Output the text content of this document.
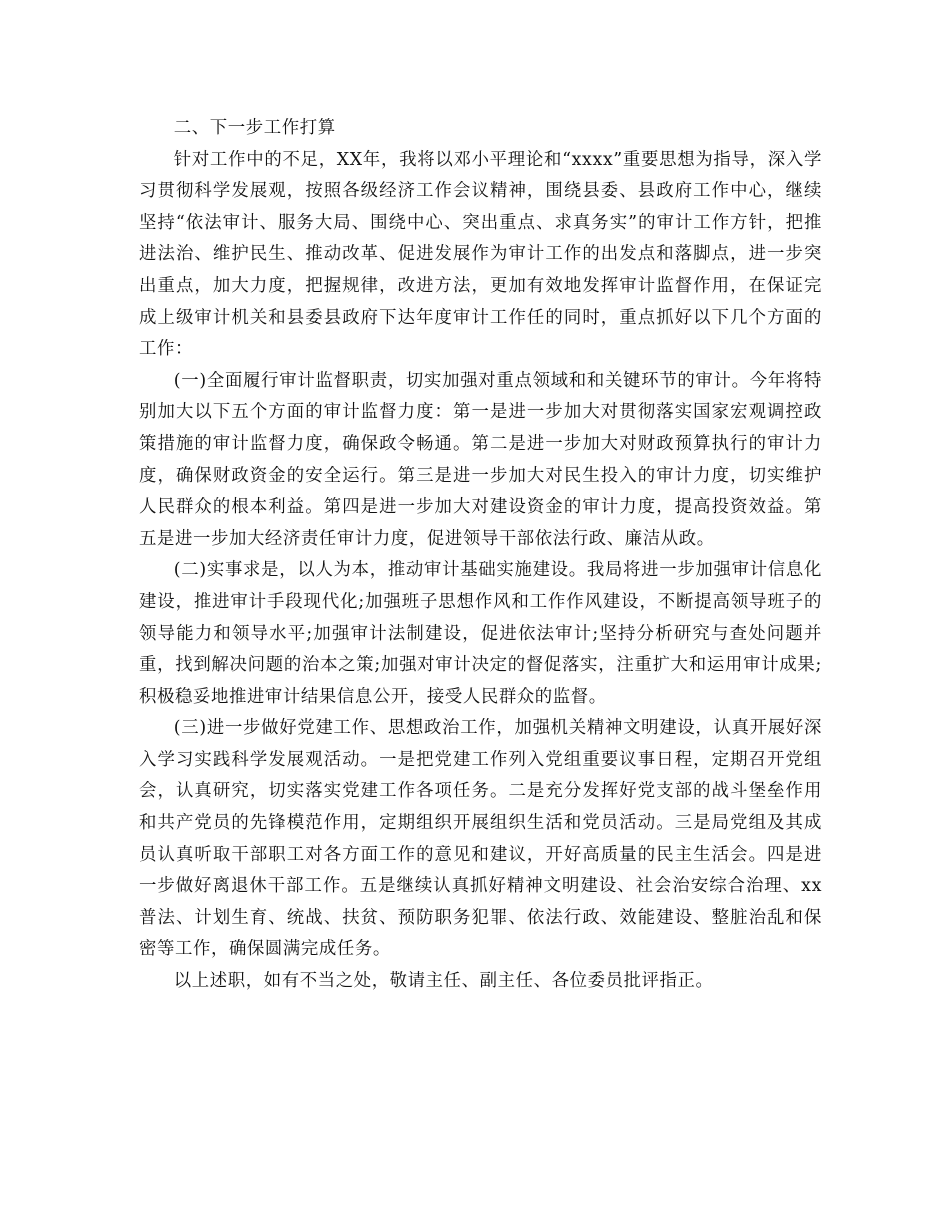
二、下一步工作打算

针对工作中的不足，XX年，我将以邓小平理论和“xxxx”重要思想为指导，深入学习贯彻科学发展观，按照各级经济工作会议精神，围绕县委、县政府工作中心，继续坚持“依法审计、服务大局、围绕中心、突出重点、求真务实”的审计工作方针，把推进法治、维护民生、推动改革、促进发展作为审计工作的出发点和落脚点，进一步突出重点，加大力度，把握规律，改进方法，更加有效地发挥审计监督作用，在保证完成上级审计机关和县委县政府下达年度审计工作任的同时，重点抓好以下几个方面的工作：

(一)全面履行审计监督职责，切实加强对重点领域和和关键环节的审计。今年将特别加大以下五个方面的审计监督力度：第一是进一步加大对贯彻落实国家宏观调控政策措施的审计监督力度，确保政令畅通。第二是进一步加大对财政预算执行的审计力度，确保财政资金的安全运行。第三是进一步加大对民生投入的审计力度，切实维护人民群众的根本利益。第四是进一步加大对建设资金的审计力度，提高投资效益。第五是进一步加大经济责任审计力度，促进领导干部依法行政、廉洁从政。

(二)实事求是，以人为本，推动审计基础实施建设。我局将进一步加强审计信息化建设，推进审计手段现代化;加强班子思想作风和工作作风建设，不断提高领导班子的领导能力和领导水平;加强审计法制建设，促进依法审计;坚持分析研究与查处问题并重，找到解决问题的治本之策;加强对审计决定的督促落实，注重扩大和运用审计成果;积极稳妥地推进审计结果信息公开，接受人民群众的监督。

(三)进一步做好党建工作、思想政治工作，加强机关精神文明建设，认真开展好深入学习实践科学发展观活动。一是把党建工作列入党组重要议事日程，定期召开党组会，认真研究，切实落实党建工作各项任务。二是充分发挥好党支部的战斗堡垒作用和共产党员的先锋模范作用，定期组织开展组织生活和党员活动。三是局党组及其成员认真听取干部职工对各方面工作的意见和建议，开好高质量的民主生活会。四是进一步做好离退休干部工作。五是继续认真抓好精神文明建设、社会治安综合治理、xx普法、计划生育、统战、扶贫、预防职务犯罪、依法行政、效能建设、整脏治乱和保密等工作，确保圆满完成任务。

以上述职，如有不当之处，敬请主任、副主任、各位委员批评指正。
